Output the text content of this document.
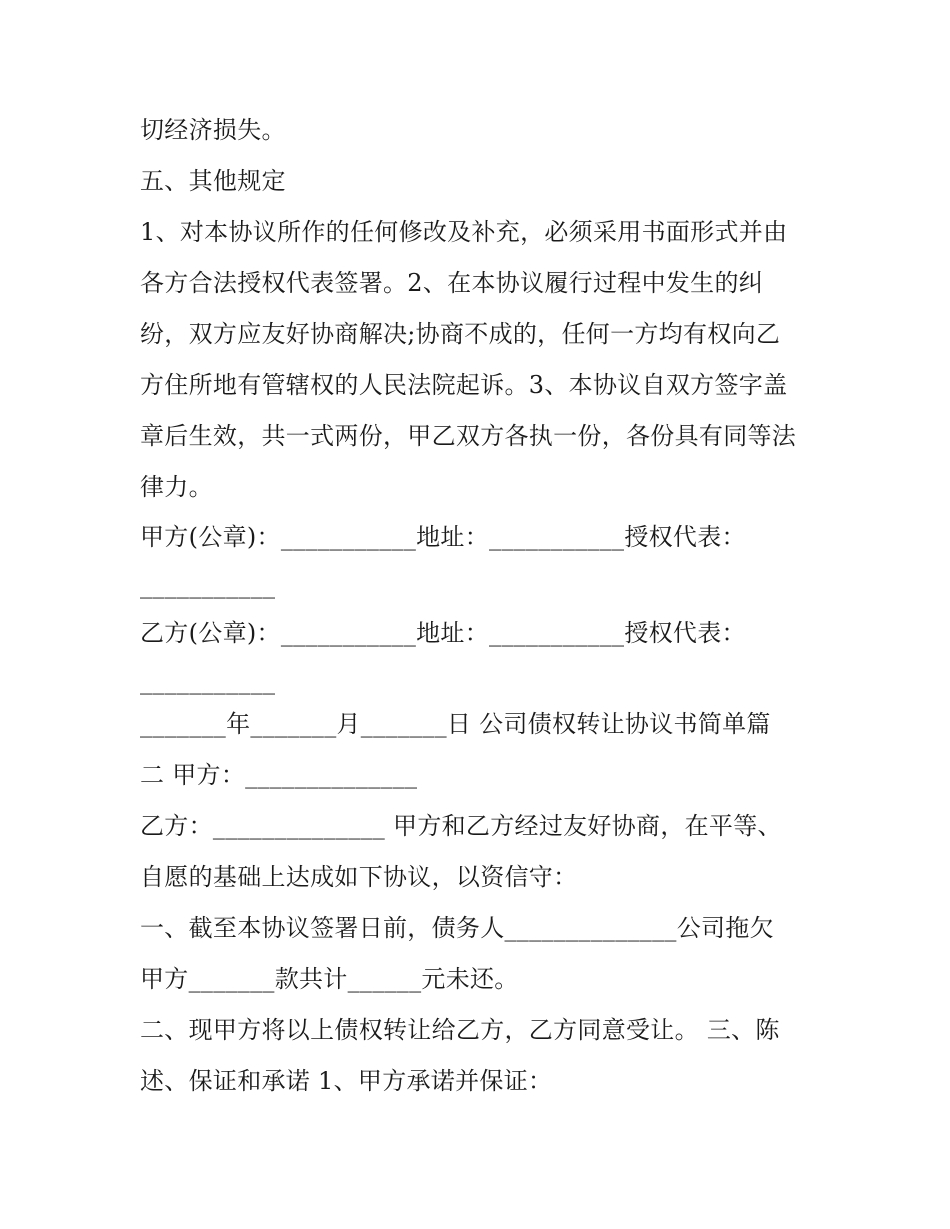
切经济损失。
五、其他规定
1、对本协议所作的任何修改及补充，必须采用书面形式并由
各方合法授权代表签署。2、在本协议履行过程中发生的纠
纷，双方应友好协商解决;协商不成的，任何一方均有权向乙
方住所地有管辖权的人民法院起诉。3、本协议自双方签字盖
章后生效，共一式两份，甲乙双方各执一份，各份具有同等法
律力。
甲方(公章)：___________地址：___________授权代表：
___________
乙方(公章)：___________地址：___________授权代表：
___________
_______年_______月_______日 公司债权转让协议书简单篇
二 甲方：______________
乙方：______________ 甲方和乙方经过友好协商，在平等、
自愿的基础上达成如下协议，以资信守：
一、截至本协议签署日前，债务人______________公司拖欠
甲方_______款共计______元未还。
二、现甲方将以上债权转让给乙方，乙方同意受让。 三、陈
述、保证和承诺 1、甲方承诺并保证：
